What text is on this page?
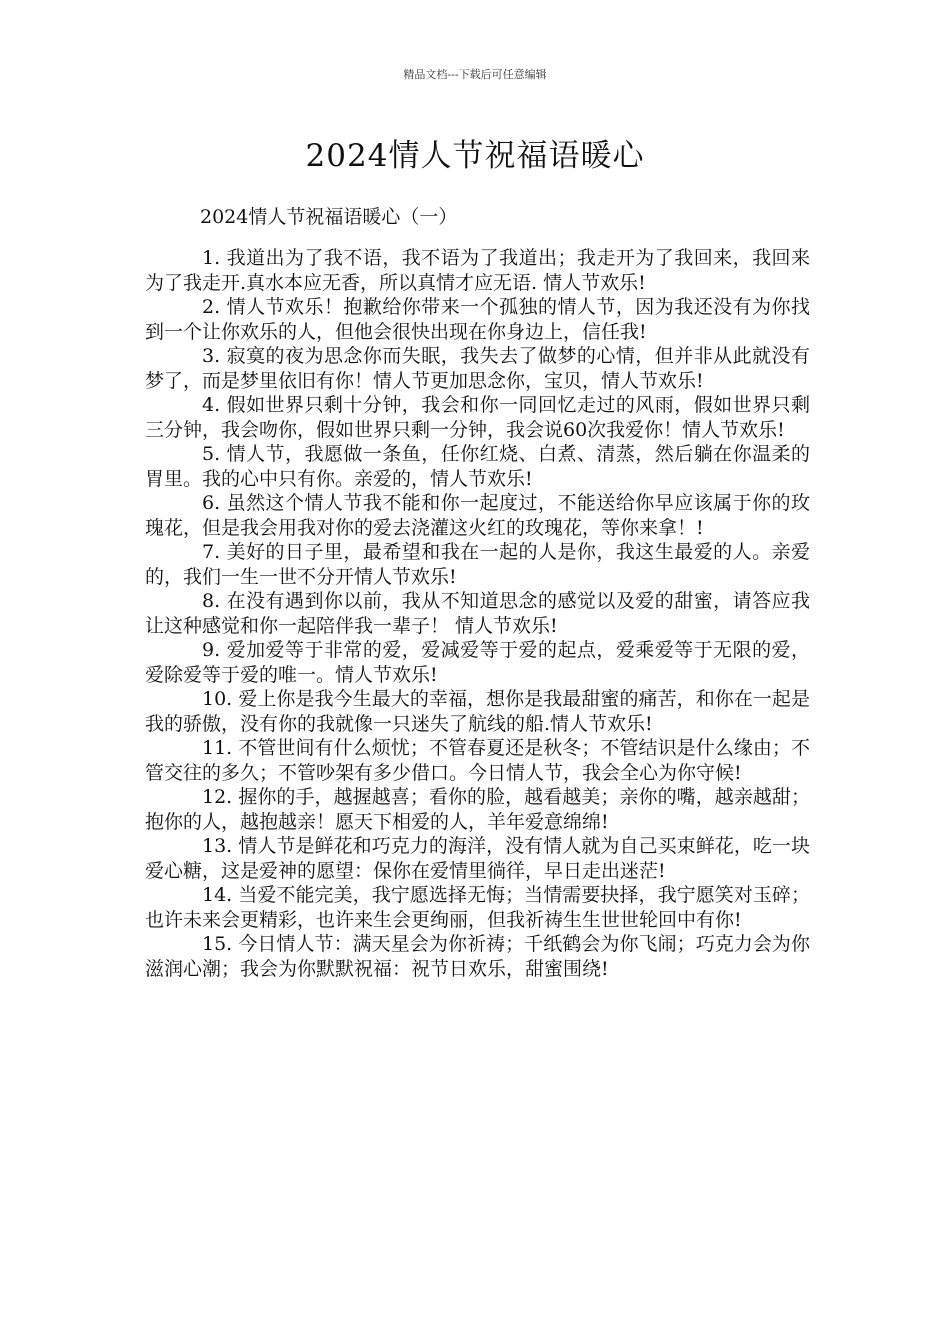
精品文档---下载后可任意编辑
2024情人节祝福语暖心
2024情人节祝福语暖心（一）

1. 我道出为了我不语，我不语为了我道出；我走开为了我回来，我回来为了我走开.真水本应无香，所以真情才应无语. 情人节欢乐!

2. 情人节欢乐！抱歉给你带来一个孤独的情人节，因为我还没有为你找到一个让你欢乐的人，但他会很快出现在你身边上，信任我!

3. 寂寞的夜为思念你而失眠，我失去了做梦的心情，但并非从此就没有梦了，而是梦里依旧有你！情人节更加思念你，宝贝，情人节欢乐!

4. 假如世界只剩十分钟，我会和你一同回忆走过的风雨，假如世界只剩三分钟，我会吻你，假如世界只剩一分钟，我会说60次我爱你！情人节欢乐!

5. 情人节，我愿做一条鱼，任你红烧、白煮、清蒸，然后躺在你温柔的胃里。我的心中只有你。亲爱的，情人节欢乐!

6. 虽然这个情人节我不能和你一起度过，不能送给你早应该属于你的玫瑰花，但是我会用我对你的爱去浇灌这火红的玫瑰花，等你来拿！!

7. 美好的日子里，最希望和我在一起的人是你，我这生最爱的人。亲爱的，我们一生一世不分开情人节欢乐!

8. 在没有遇到你以前，我从不知道思念的感觉以及爱的甜蜜，请答应我让这种感觉和你一起陪伴我一辈子！ 情人节欢乐!

9. 爱加爱等于非常的爱，爱减爱等于爱的起点，爱乘爱等于无限的爱，爱除爱等于爱的唯一。情人节欢乐!

10. 爱上你是我今生最大的幸福，想你是我最甜蜜的痛苦，和你在一起是我的骄傲，没有你的我就像一只迷失了航线的船.情人节欢乐!

11. 不管世间有什么烦忧；不管春夏还是秋冬；不管结识是什么缘由；不管交往的多久；不管吵架有多少借口。今日情人节，我会全心为你守候!

12. 握你的手，越握越喜；看你的脸，越看越美；亲你的嘴，越亲越甜；抱你的人，越抱越亲！愿天下相爱的人，羊年爱意绵绵!

13. 情人节是鲜花和巧克力的海洋，没有情人就为自己买束鲜花，吃一块爱心糖，这是爱神的愿望：保你在爱情里徜徉，早日走出迷茫!

14. 当爱不能完美，我宁愿选择无悔；当情需要抉择，我宁愿笑对玉碎；也许未来会更精彩，也许来生会更绚丽，但我祈祷生生世世轮回中有你!

15. 今日情人节：满天星会为你祈祷；千纸鹤会为你飞闹；巧克力会为你滋润心潮；我会为你默默祝福：祝节日欢乐，甜蜜围绕!
